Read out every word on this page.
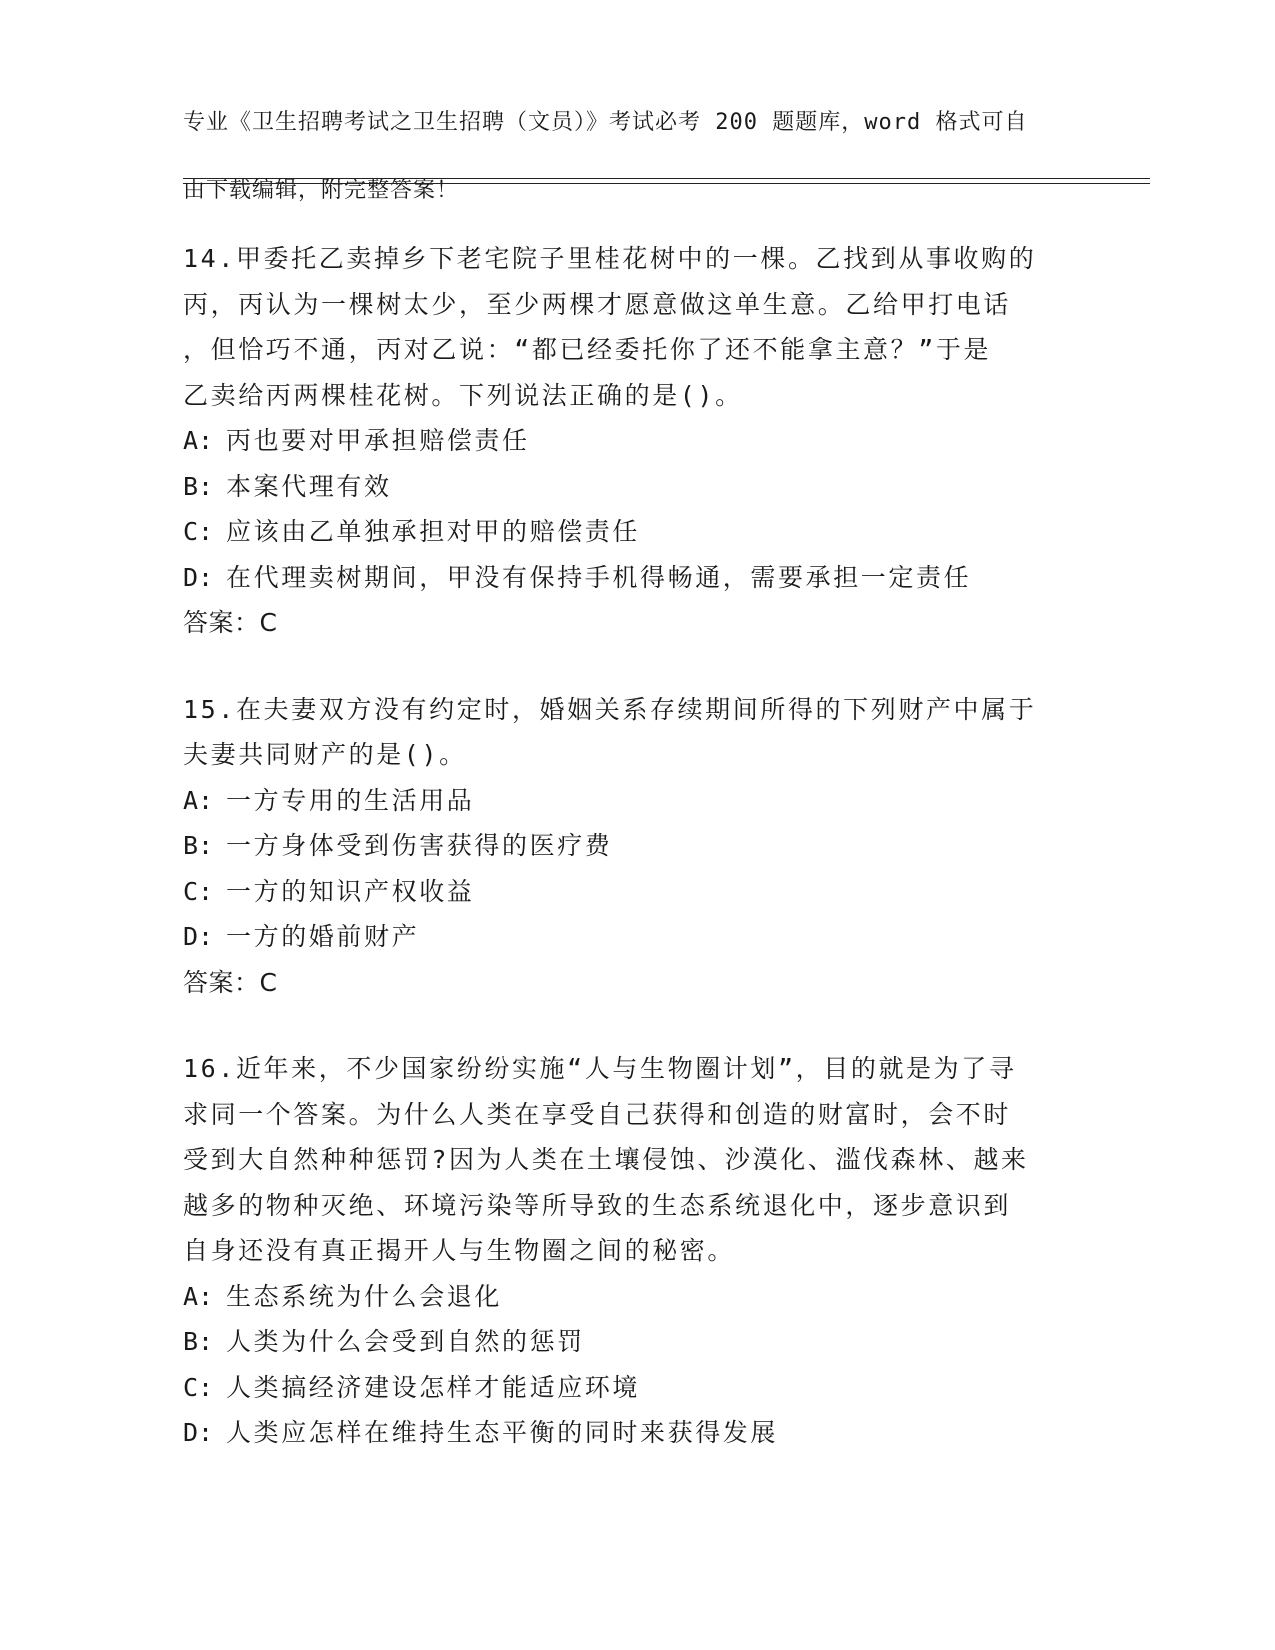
专业《卫生招聘考试之卫生招聘（文员）》考试必考 200 题题库，word 格式可自

由下载编辑，附完整答案！

14.甲委托乙卖掉乡下老宅院子里桂花树中的一棵。乙找到从事收购的

丙，丙认为一棵树太少，至少两棵才愿意做这单生意。乙给甲打电话

，但恰巧不通，丙对乙说：“都已经委托你了还不能拿主意？”于是

乙卖给丙两棵桂花树。下列说法正确的是()。

A: 丙也要对甲承担赔偿责任

B: 本案代理有效

C: 应该由乙单独承担对甲的赔偿责任

D: 在代理卖树期间，甲没有保持手机得畅通，需要承担一定责任

答案：C

15.在夫妻双方没有约定时，婚姻关系存续期间所得的下列财产中属于

夫妻共同财产的是()。

A: 一方专用的生活用品

B: 一方身体受到伤害获得的医疗费

C: 一方的知识产权收益

D: 一方的婚前财产

答案：C

16.近年来，不少国家纷纷实施“人与生物圈计划”，目的就是为了寻

求同一个答案。为什么人类在享受自己获得和创造的财富时，会不时

受到大自然种种惩罚?因为人类在土壤侵蚀、沙漠化、滥伐森林、越来

越多的物种灭绝、环境污染等所导致的生态系统退化中，逐步意识到

自身还没有真正揭开人与生物圈之间的秘密。

A: 生态系统为什么会退化

B: 人类为什么会受到自然的惩罚

C: 人类搞经济建设怎样才能适应环境

D: 人类应怎样在维持生态平衡的同时来获得发展
